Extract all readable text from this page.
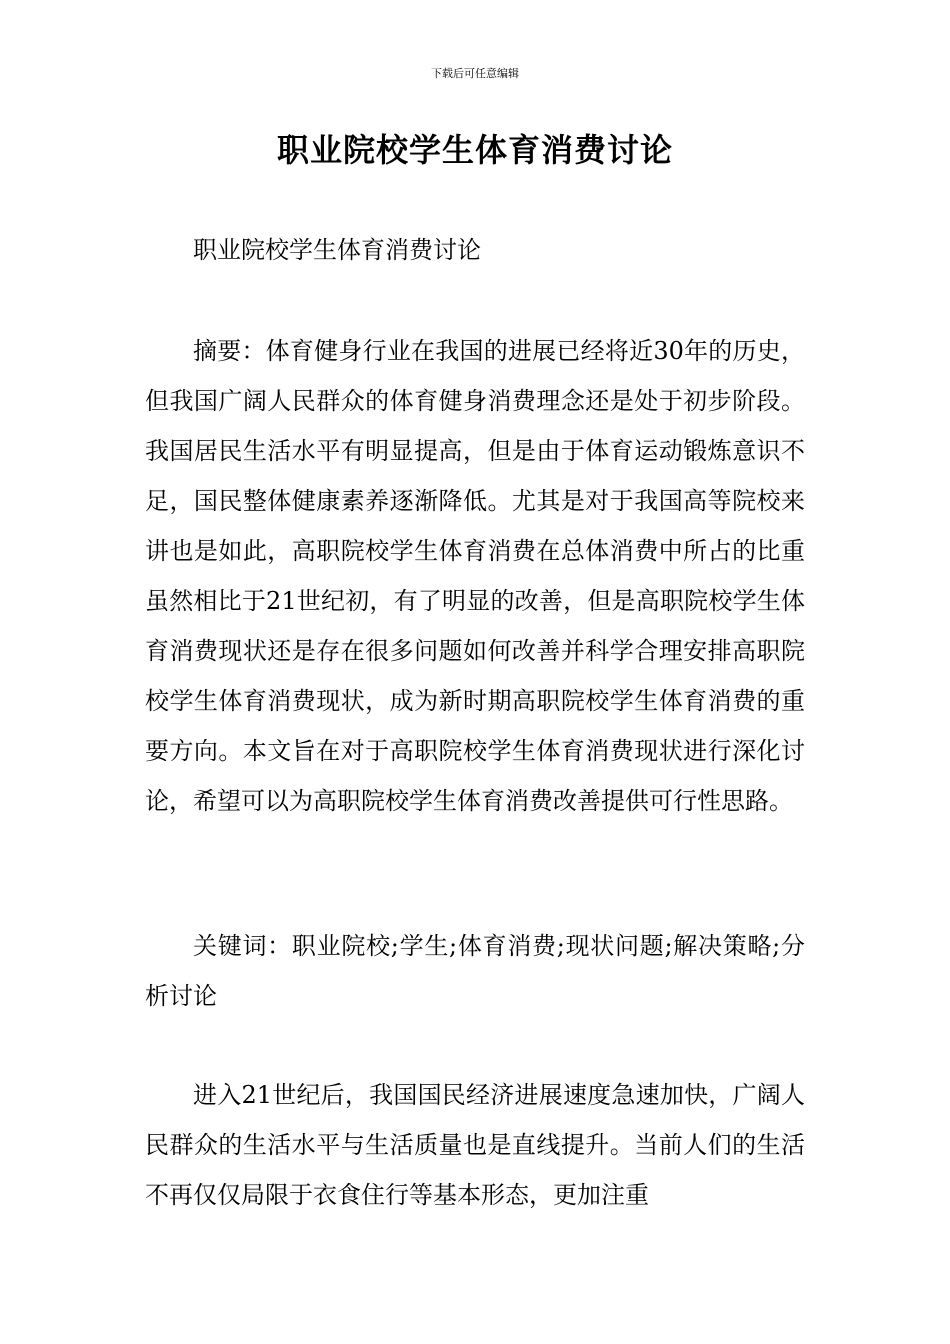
下载后可任意编辑
职业院校学生体育消费讨论

职业院校学生体育消费讨论

摘要：体育健身行业在我国的进展已经将近30年的历史，但我国广阔人民群众的体育健身消费理念还是处于初步阶段。我国居民生活水平有明显提高，但是由于体育运动锻炼意识不足，国民整体健康素养逐渐降低。尤其是对于我国高等院校来讲也是如此，高职院校学生体育消费在总体消费中所占的比重虽然相比于21世纪初，有了明显的改善，但是高职院校学生体育消费现状还是存在很多问题如何改善并科学合理安排高职院校学生体育消费现状，成为新时期高职院校学生体育消费的重要方向。本文旨在对于高职院校学生体育消费现状进行深化讨论，希望可以为高职院校学生体育消费改善提供可行性思路。

关键词：职业院校;学生;体育消费;现状问题;解决策略;分析讨论

进入21世纪后，我国国民经济进展速度急速加快，广阔人民群众的生活水平与生活质量也是直线提升。当前人们的生活不再仅仅局限于衣食住行等基本形态，更加注重
